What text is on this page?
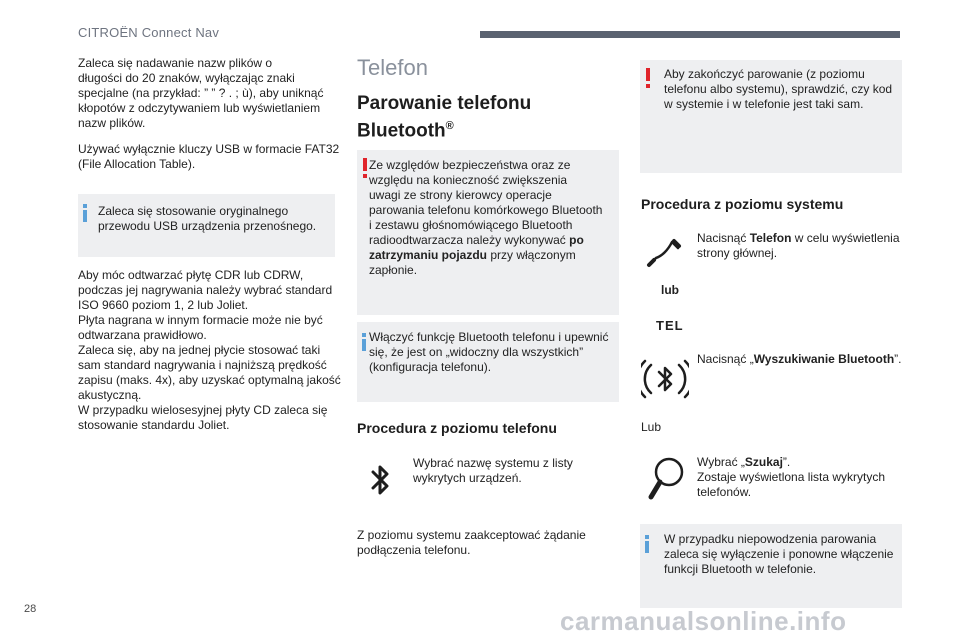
CITROËN Connect Nav
Zaleca się nadawanie nazw plików o
długości do 20 znaków, wyłączając znaki
specjalne (na przykład: ” ” ? . ; ù), aby uniknąć
kłopotów z odczytywaniem lub wyświetlaniem
nazw plików.
Używać wyłącznie kluczy USB w formacie FAT32
(File Allocation Table).
Zaleca się stosowanie oryginalnego
przewodu USB urządzenia przenośnego.
Aby móc odtwarzać płytę CDR lub CDRW,
podczas jej nagrywania należy wybrać standard
ISO 9660 poziom 1, 2 lub Joliet.
Płyta nagrana w innym formacie może nie być
odtwarzana prawidłowo.
Zaleca się, aby na jednej płycie stosować taki
sam standard nagrywania i najniższą prędkość
zapisu (maks. 4x), aby uzyskać optymalną jakość
akustyczną.
W przypadku wielosesyjnej płyty CD zaleca się
stosowanie standardu Joliet.
Telefon
Parowanie telefonu
Bluetooth®
Ze względów bezpieczeństwa oraz ze
względu na konieczność zwiększenia
uwagi ze strony kierowcy operacje
parowania telefonu komórkowego Bluetooth
i zestawu głośnomówiącego Bluetooth
radioodtwarzacza należy wykonywać po
zatrzymaniu pojazdu przy włączonym
zapłonie.
Włączyć funkcję Bluetooth telefonu i upewnić
się, że jest on „widoczny dla wszystkich”
(konfiguracja telefonu).
Procedura z poziomu telefonu
Wybrać nazwę systemu z listy
wykrytych urządzeń.
Z poziomu systemu zaakceptować żądanie
podłączenia telefonu.
Aby zakończyć parowanie (z poziomu
telefonu albo systemu), sprawdzić, czy kod
w systemie i w telefonie jest taki sam.
Procedura z poziomu systemu
lub
TEL
Nacisnąć Telefon w celu wyświetlenia
strony głównej.
Nacisnąć „Wyszukiwanie Bluetooth”.
Lub
Wybrać „Szukaj”.
Zostaje wyświetlona lista wykrytych
telefonów.
W przypadku niepowodzenia parowania
zaleca się wyłączenie i ponowne włączenie
funkcji Bluetooth w telefonie.
28	carmanualsonline.info
